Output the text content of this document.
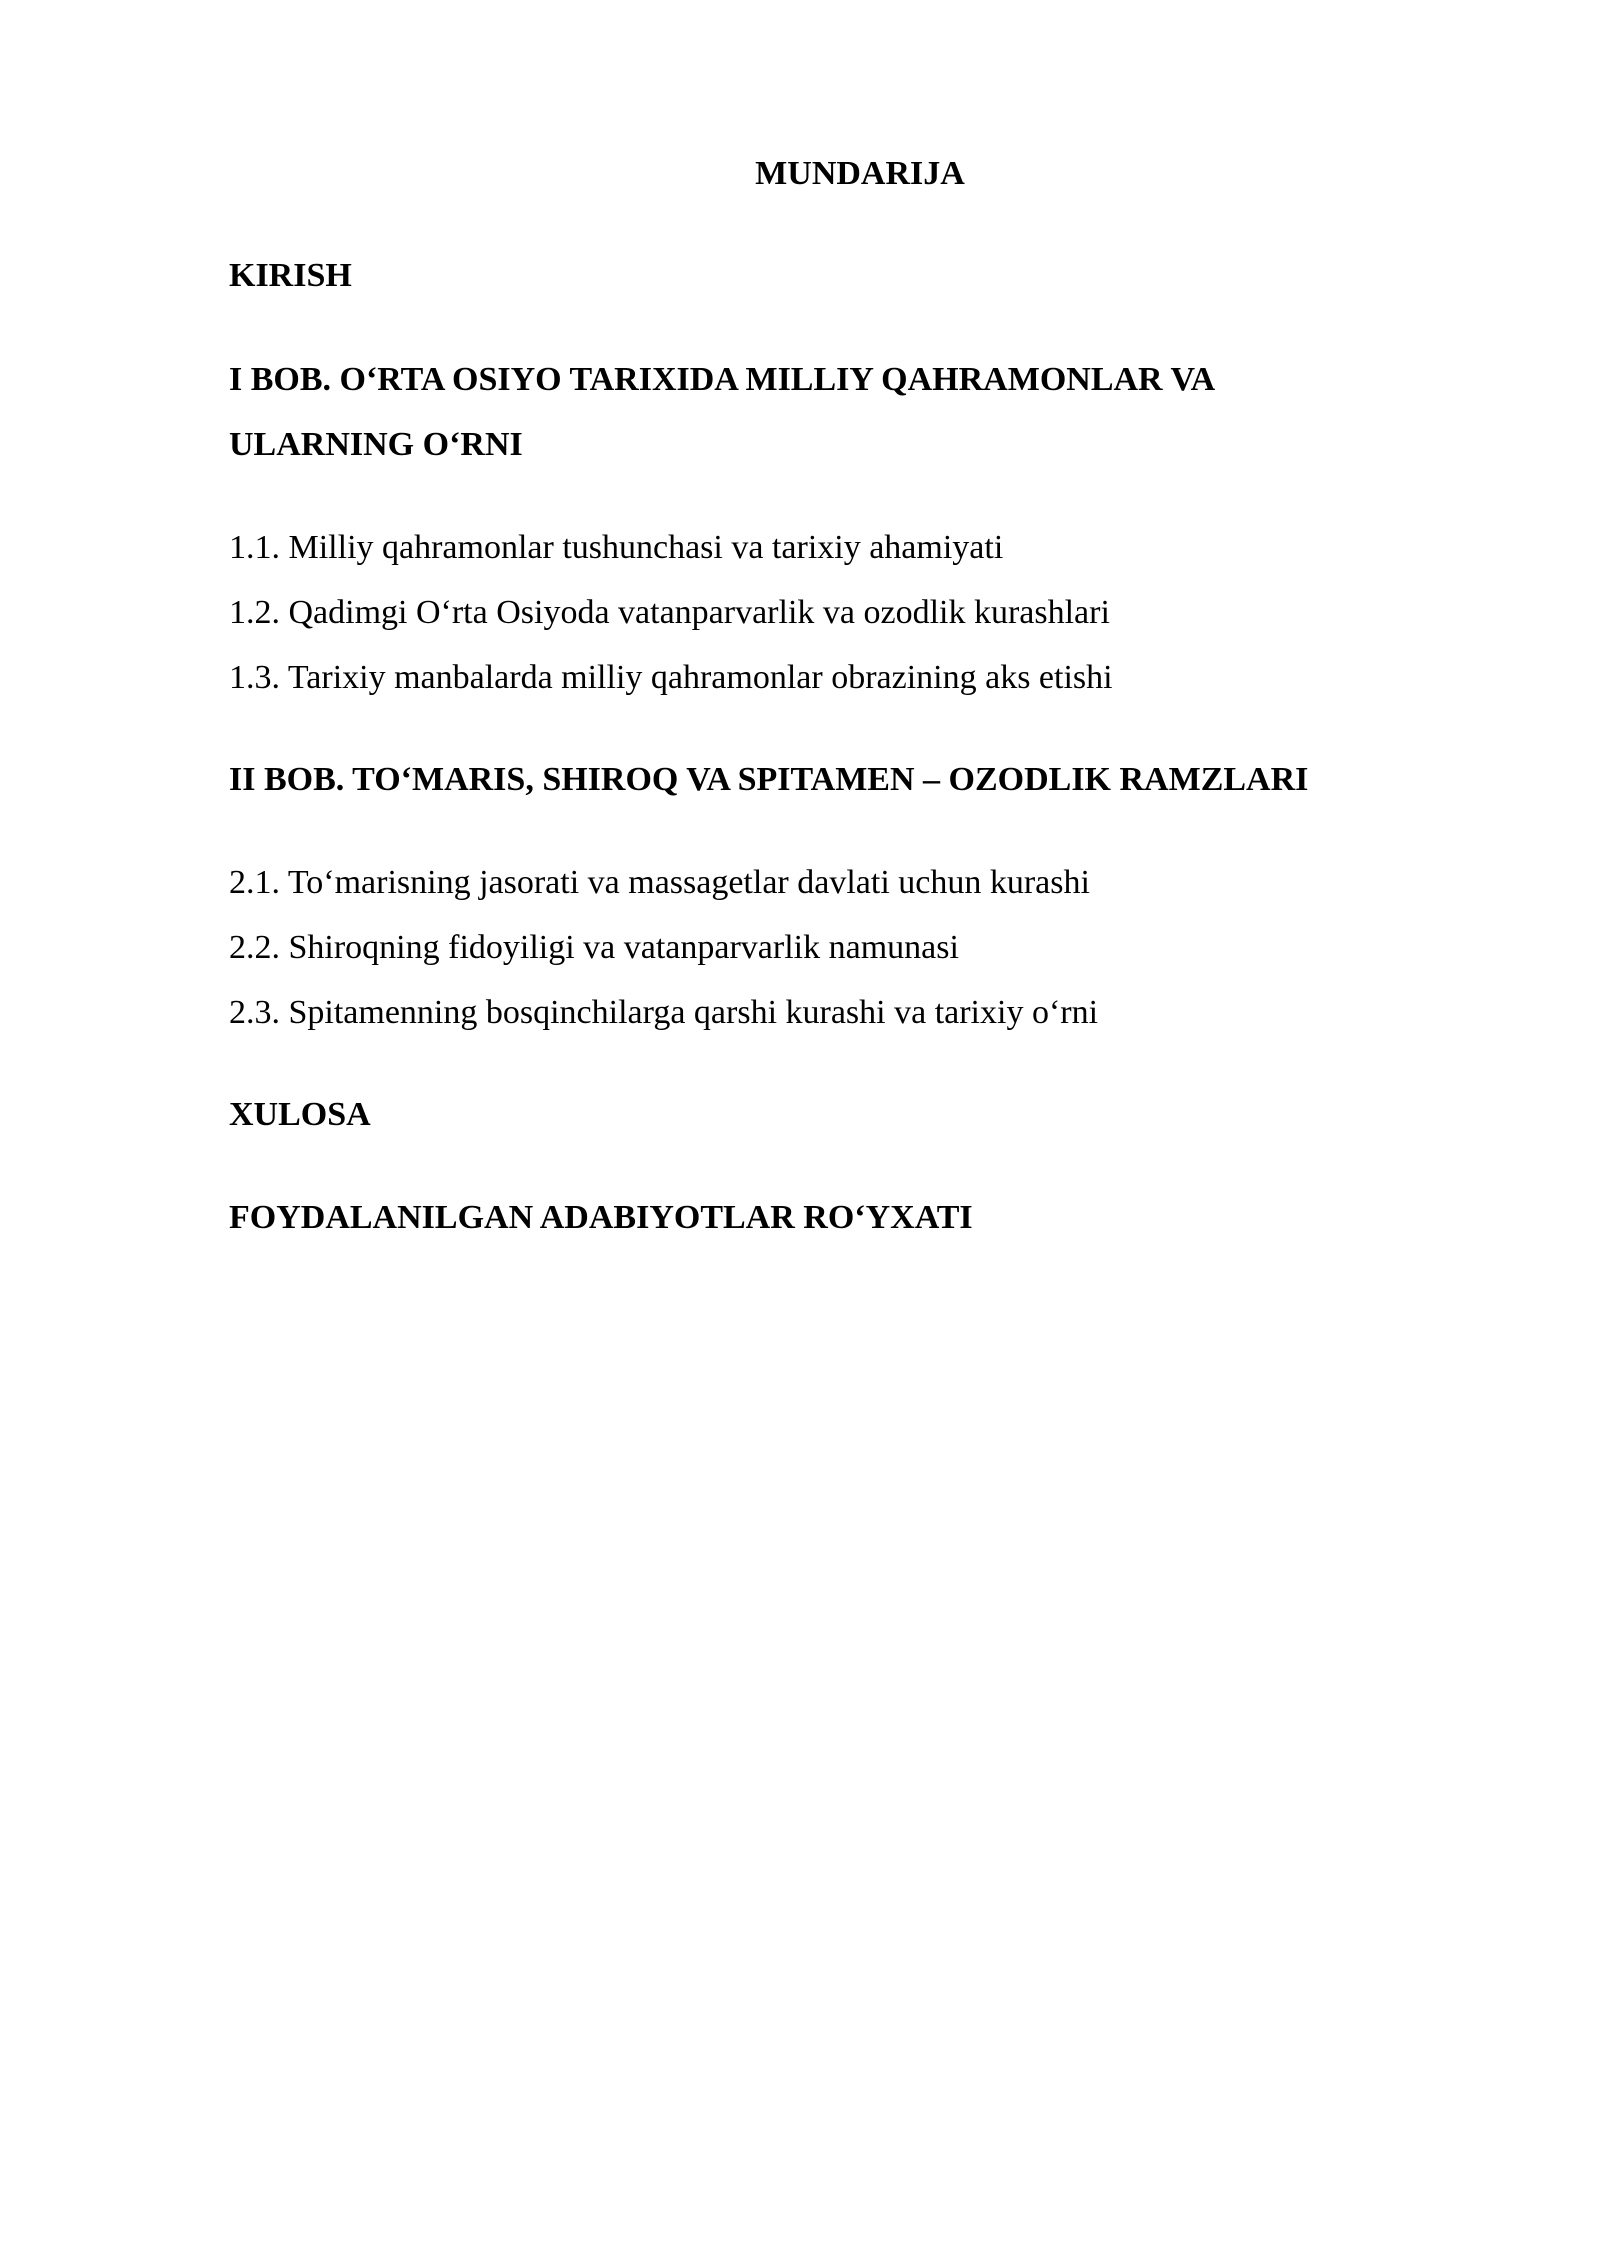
MUNDARIJA
KIRISH
I BOB. O‘RTA OSIYO TARIXIDA MILLIY QAHRAMONLAR VA
ULARNING O‘RNI
1.1. Milliy qahramonlar tushunchasi va tarixiy ahamiyati
1.2. Qadimgi O‘rta Osiyoda vatanparvarlik va ozodlik kurashlari
1.3. Tarixiy manbalarda milliy qahramonlar obrazining aks etishi
II BOB. TO‘MARIS, SHIROQ VA SPITAMEN – OZODLIK RAMZLARI
2.1. To‘marisning jasorati va massagetlar davlati uchun kurashi
2.2. Shiroqning fidoyiligi va vatanparvarlik namunasi
2.3. Spitamenning bosqinchilarga qarshi kurashi va tarixiy o‘rni
XULOSA
FOYDALANILGAN ADABIYOTLAR RO‘YXATI
